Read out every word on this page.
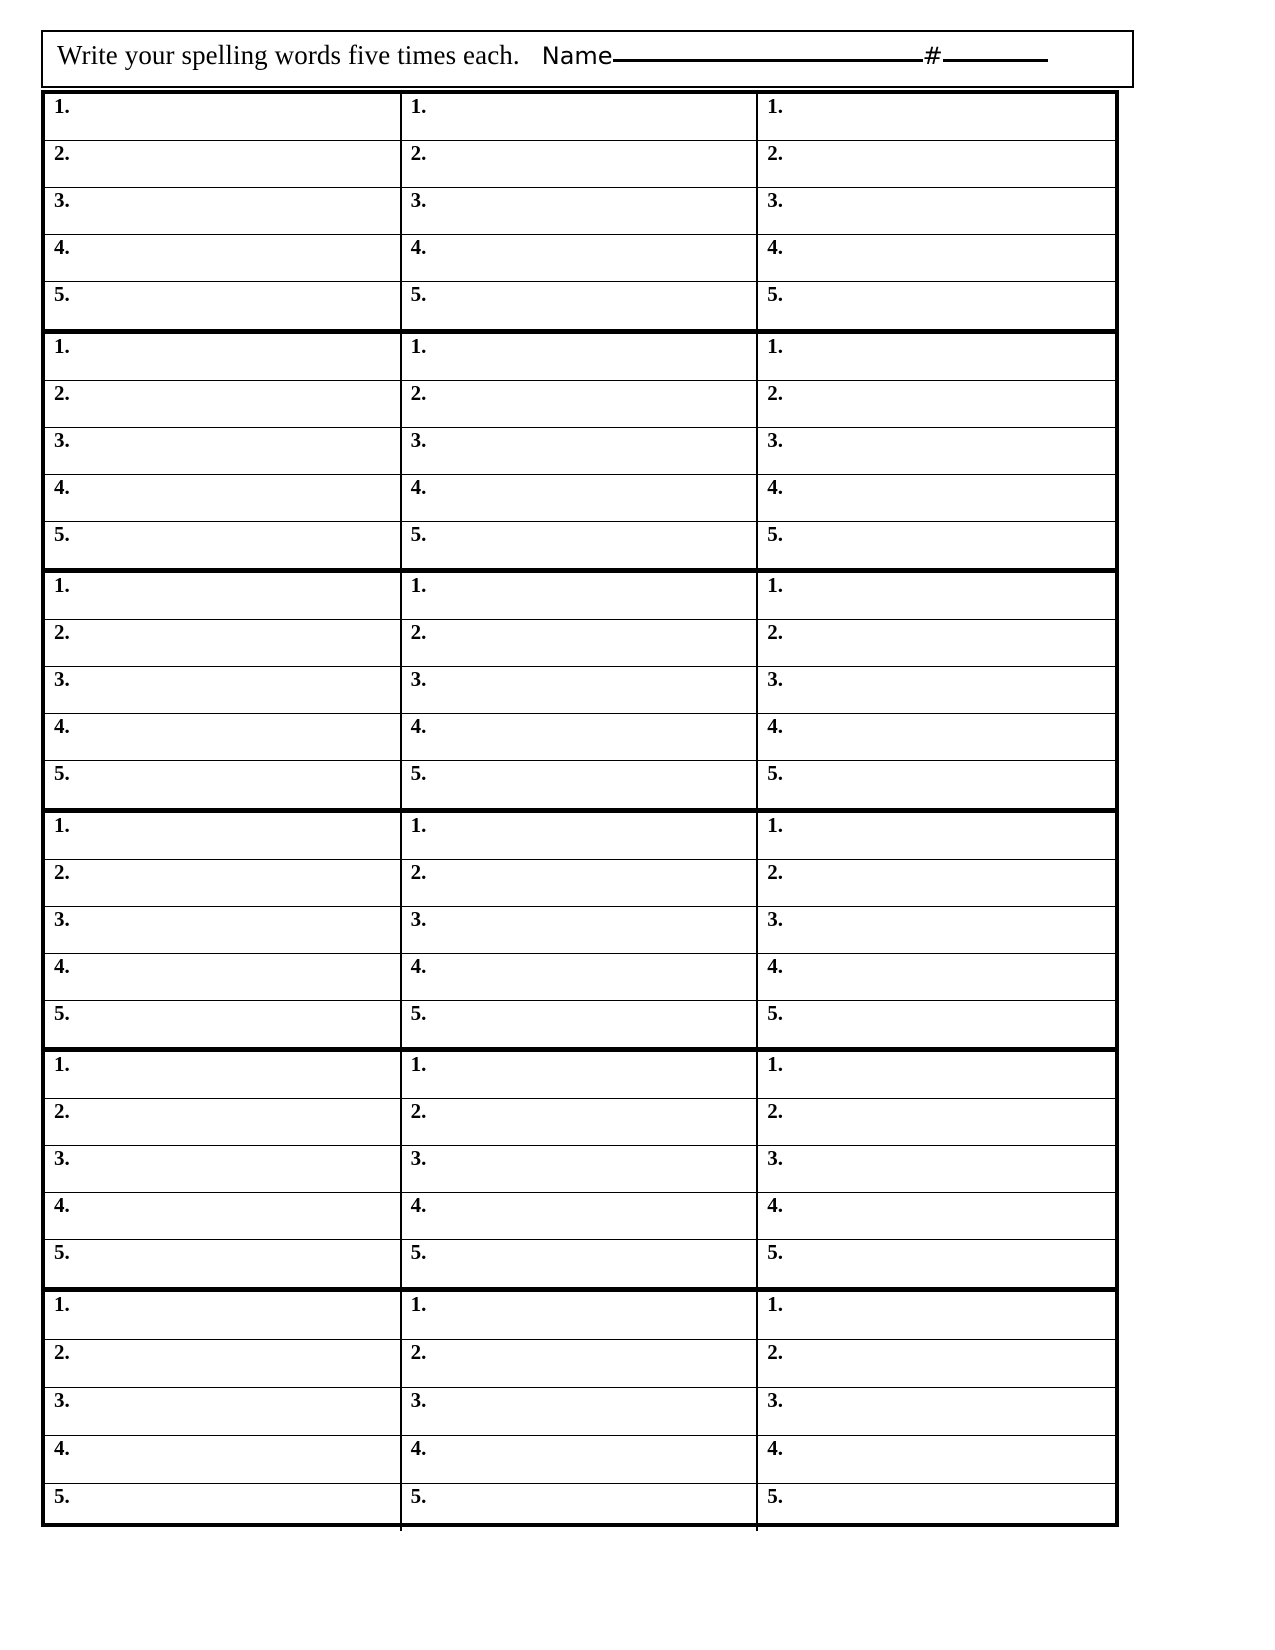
Write your spelling words five times each. Name	#
1.
2.
3.
4.
5.
1.
2.
3.
4.
5.
1.
2.
3.
4.
5.
1.
2.
3.
4.
5.
1.
2.
3.
4.
5.
1.
2.
3.
4.
5.
1.
2.
3.
4.
5.
1.
2.
3.
4.
5.
1.
2.
3.
4.
5.
1.
2.
3.
4.
5.
1.
2.
3.
4.
5.
1.
2.
3.
4.
5.
1.
2.
3.
4.
5.
1.
2.
3.
4.
5.
1.
2.
3.
4.
5.
1.
2.
3.
4.
5.
1.
2.
3.
4.
5.
1.
2.
3.
4.
5.
